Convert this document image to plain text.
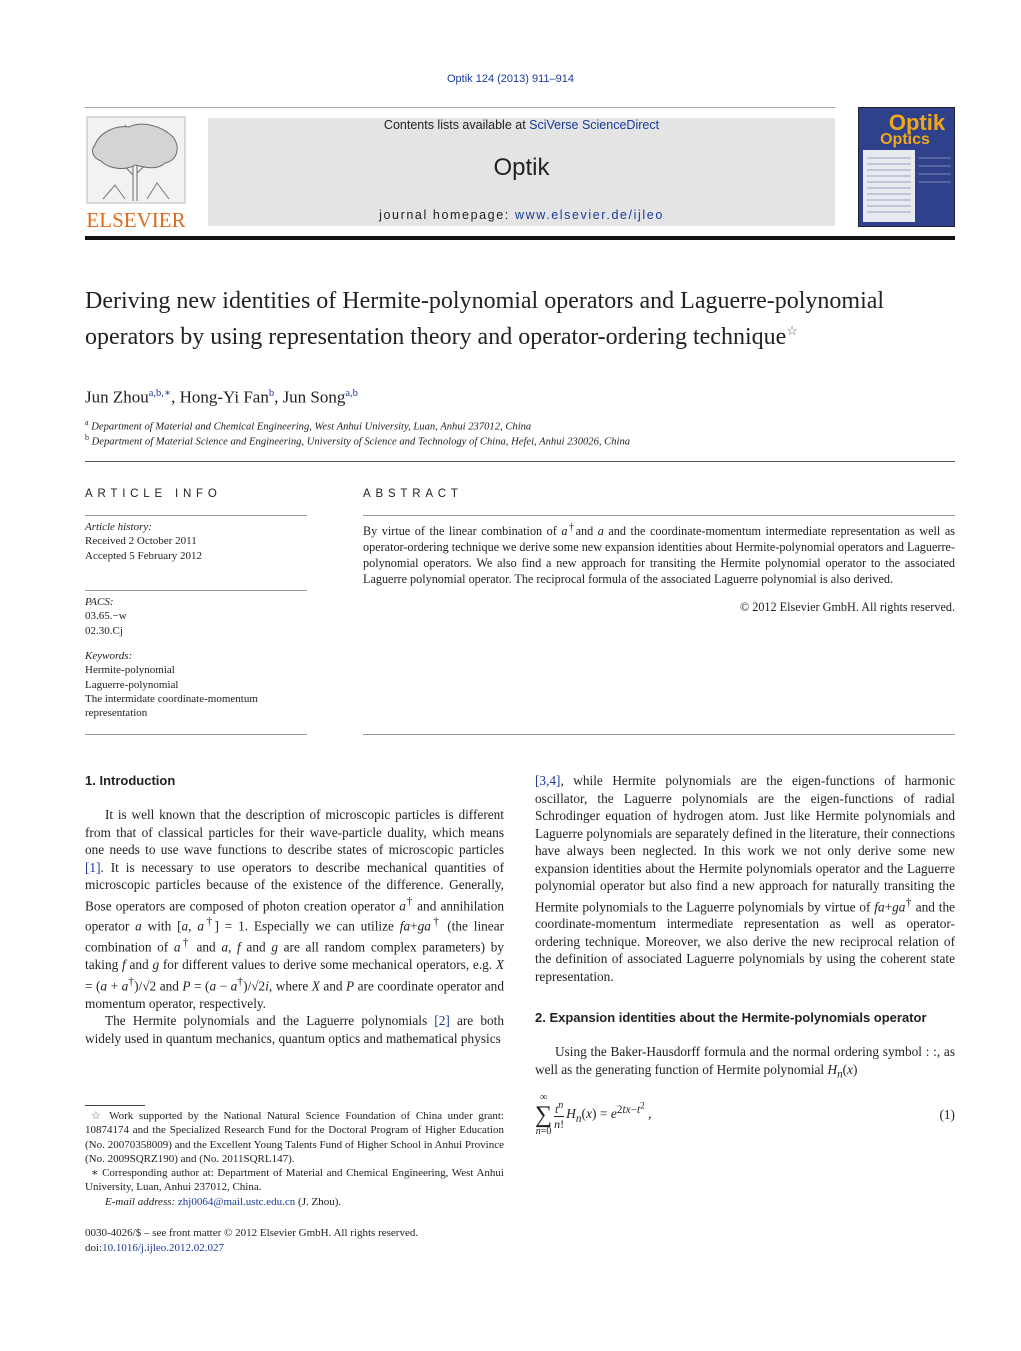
Optik 124 (2013) 911–914
ELSEVIER
Contents lists available at SciVerse ScienceDirect
Optik
journal homepage: www.elsevier.de/ijleo
Optik
Optics
Deriving new identities of Hermite-polynomial operators and Laguerre-polynomial operators by using representation theory and operator-ordering technique☆
Jun Zhou$^{a,b,∗}$, Hong-Yi Fan$^b$, Jun Song$^{a,b}$
$^a$ Department of Material and Chemical Engineering, West Anhui University, Luan, Anhui 237012, China
$^b$ Department of Material Science and Engineering, University of Science and Technology of China, Hefei, Anhui 230026, China
ARTICLE INFO
Article history:
Received 2 October 2011
Accepted 5 February 2012
PACS:
03.65.−w
02.30.Cj
Keywords:
Hermite-polynomial
Laguerre-polynomial
The intermidate coordinate-momentum representation
ABSTRACT
By virtue of the linear combination of a†and a and the coordinate-momentum intermediate representation as well as operator-ordering technique we derive some new expansion identities about Hermite-polynomial operators and Laguerre-polynomial operators. We also find a new approach for transiting the Hermite polynomial operator to the associated Laguerre polynomial operator. The reciprocal formula of the associated Laguerre polynomial is also derived.
© 2012 Elsevier GmbH. All rights reserved.
1. Introduction

It is well known that the description of microscopic particles is different from that of classical particles for their wave-particle duality, which means one needs to use wave functions to describe states of microscopic particles [1]. It is necessary to use operators to describe mechanical quantities of microscopic particles because of the existence of the difference. Generally, Bose operators are composed of photon creation operator a† and annihilation operator a with [a, a†] = 1. Especially we can utilize fa+ga† (the linear combination of a† and a, f and g are all random complex parameters) by taking f and g for different values to derive some mechanical operators, e.g. X = (a + a†)/√2 and P = (a − a†)/√2i, where X and P are coordinate operator and momentum operator, respectively.

The Hermite polynomials and the Laguerre polynomials [2] are both widely used in quantum mechanics, quantum optics and mathematical physics

[3,4], while Hermite polynomials are the eigen-functions of harmonic oscillator, the Laguerre polynomials are the eigen-functions of radial Schrodinger equation of hydrogen atom. Just like Hermite polynomials and Laguerre polynomials are separately defined in the literature, their connections have always been neglected. In this work we not only derive some new expansion identities about the Hermite polynomials operator and the Laguerre polynomial operator but also find a new approach for naturally transiting the Hermite polynomials to the Laguerre polynomials by virtue of fa+ga† and the coordinate-momentum intermediate representation as well as operator-ordering technique. Moreover, we also derive the new reciprocal relation of the definition of associated Laguerre polynomials by using the coherent state representation.

2. Expansion identities about the Hermite-polynomials operator

Using the Baker-Hausdorff formula and the normal ordering symbol : :, as well as the generating function of Hermite polynomial $H_n(x)$

∞
∑
n=0
$\frac{t^n}{n!} H_n(x) = e^{2tx-t^2}$ ,	(1)

☆ Work supported by the National Natural Science Foundation of China under grant: 10874174 and the Specialized Research Fund for the Doctoral Program of Higher Education (No. 20070358009) and the Excellent Young Talents Fund of Higher School in Anhui Province (No. 2009SQRZ190) and (No. 2011SQRL147).

∗ Corresponding author at: Department of Material and Chemical Engineering, West Anhui University, Luan, Anhui 237012, China.

E-mail address: zhj0064@mail.ustc.edu.cn (J. Zhou).

0030-4026/$ – see front matter © 2012 Elsevier GmbH. All rights reserved.
doi:10.1016/j.ijleo.2012.02.027
